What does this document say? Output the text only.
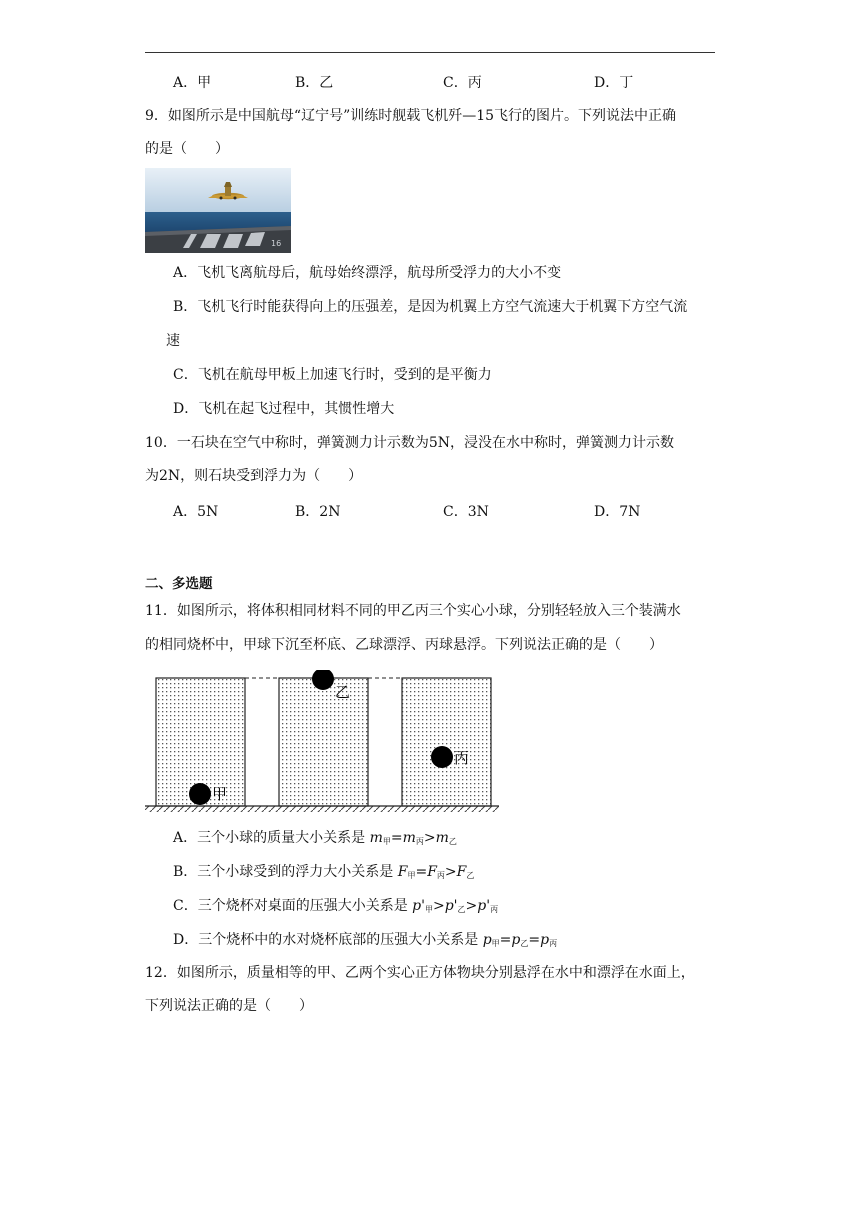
A．甲	B．乙	C．丙	D．丁
9．如图所示是中国航母“辽宁号”训练时舰载飞机歼—15飞行的图片。下列说法中正确
的是（　　）
16
A．飞机飞离航母后，航母始终漂浮，航母所受浮力的大小不变
B．飞机飞行时能获得向上的压强差，是因为机翼上方空气流速大于机翼下方空气流
速
C．飞机在航母甲板上加速飞行时，受到的是平衡力
D．飞机在起飞过程中，其惯性增大
10．一石块在空气中称时，弹簧测力计示数为5N，浸没在水中称时，弹簧测力计示数
为2N，则石块受到浮力为（　　）
A．5N	B．2N	C．3N	D．7N
二、多选题
11．如图所示，将体积相同材料不同的甲乙丙三个实心小球，分别轻轻放入三个装满水
的相同烧杯中，甲球下沉至杯底、乙球漂浮、丙球悬浮。下列说法正确的是（　　）
甲
乙
丙
A．三个小球的质量大小关系是 $m_甲=m_丙>m_乙$
B．三个小球受到的浮力大小关系是 $F_甲=F_丙>F_乙$
C．三个烧杯对桌面的压强大小关系是 $p'_甲>p'_乙>p'_丙$
D．三个烧杯中的水对烧杯底部的压强大小关系是 $p_甲=p_乙=p_丙$
12．如图所示，质量相等的甲、乙两个实心正方体物块分别悬浮在水中和漂浮在水面上，
下列说法正确的是（　　）
